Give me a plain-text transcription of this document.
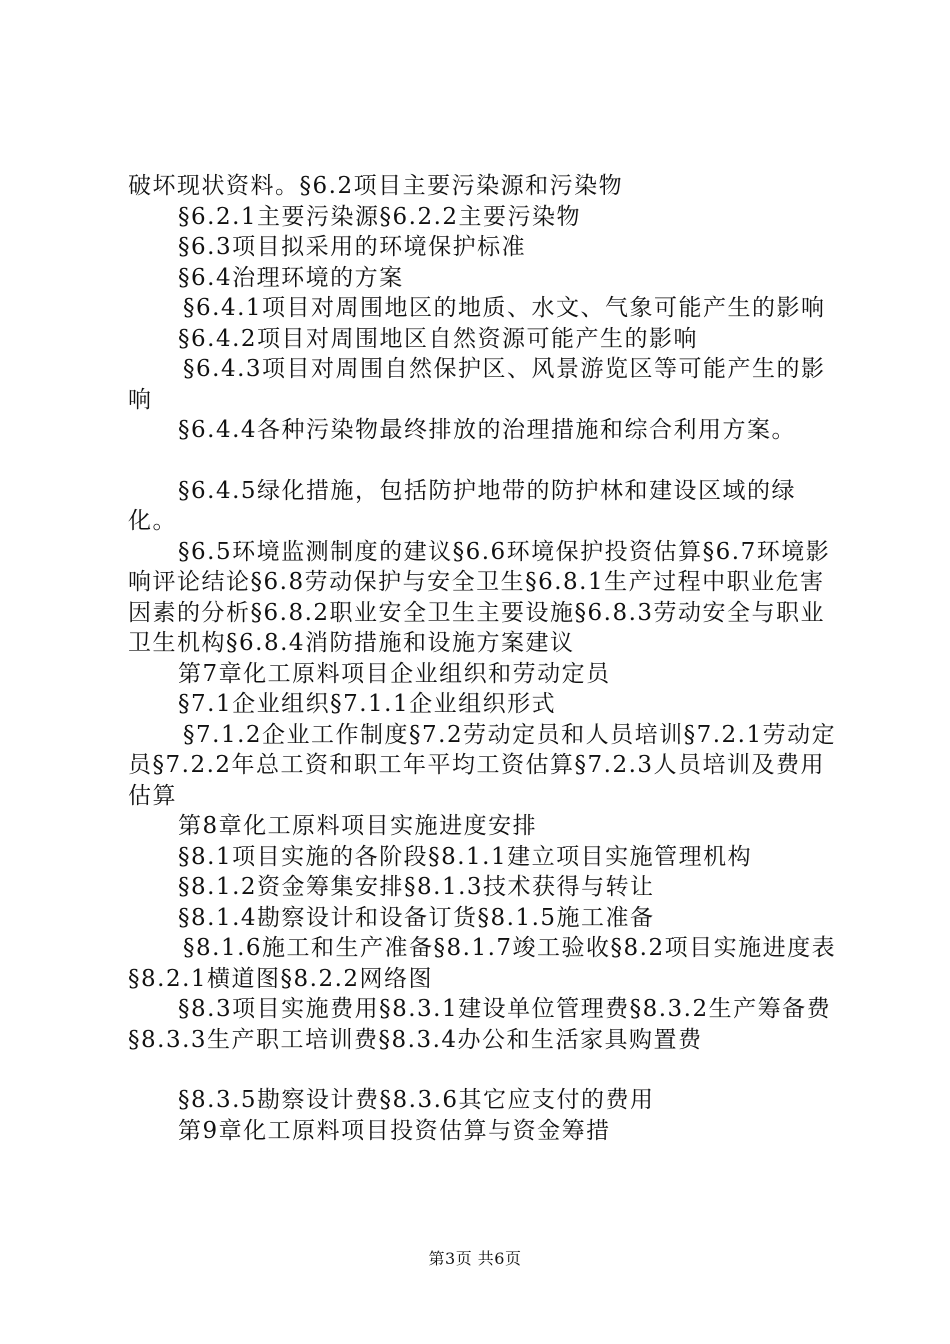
破坏现状资料。§6.2项目主要污染源和污染物

§6.2.1主要污染源§6.2.2主要污染物

§6.3项目拟采用的环境保护标准

§6.4治理环境的方案

§6.4.1项目对周围地区的地质、水文、气象可能产生的影响

§6.4.2项目对周围地区自然资源可能产生的影响

§6.4.3项目对周围自然保护区、风景游览区等可能产生的影响

§6.4.4各种污染物最终排放的治理措施和综合利用方案。

§6.4.5绿化措施，包括防护地带的防护林和建设区域的绿化。

§6.5环境监测制度的建议§6.6环境保护投资估算§6.7环境影响评论结论§6.8劳动保护与安全卫生§6.8.1生产过程中职业危害因素的分析§6.8.2职业安全卫生主要设施§6.8.3劳动安全与职业卫生机构§6.8.4消防措施和设施方案建议

第7章化工原料项目企业组织和劳动定员

§7.1企业组织§7.1.1企业组织形式

§7.1.2企业工作制度§7.2劳动定员和人员培训§7.2.1劳动定员§7.2.2年总工资和职工年平均工资估算§7.2.3人员培训及费用估算

第8章化工原料项目实施进度安排

§8.1项目实施的各阶段§8.1.1建立项目实施管理机构

§8.1.2资金筹集安排§8.1.3技术获得与转让

§8.1.4勘察设计和设备订货§8.1.5施工准备

§8.1.6施工和生产准备§8.1.7竣工验收§8.2项目实施进度表§8.2.1横道图§8.2.2网络图

§8.3项目实施费用§8.3.1建设单位管理费§8.3.2生产筹备费§8.3.3生产职工培训费§8.3.4办公和生活家具购置费

§8.3.5勘察设计费§8.3.6其它应支付的费用

第9章化工原料项目投资估算与资金筹措

第3页 共6页
